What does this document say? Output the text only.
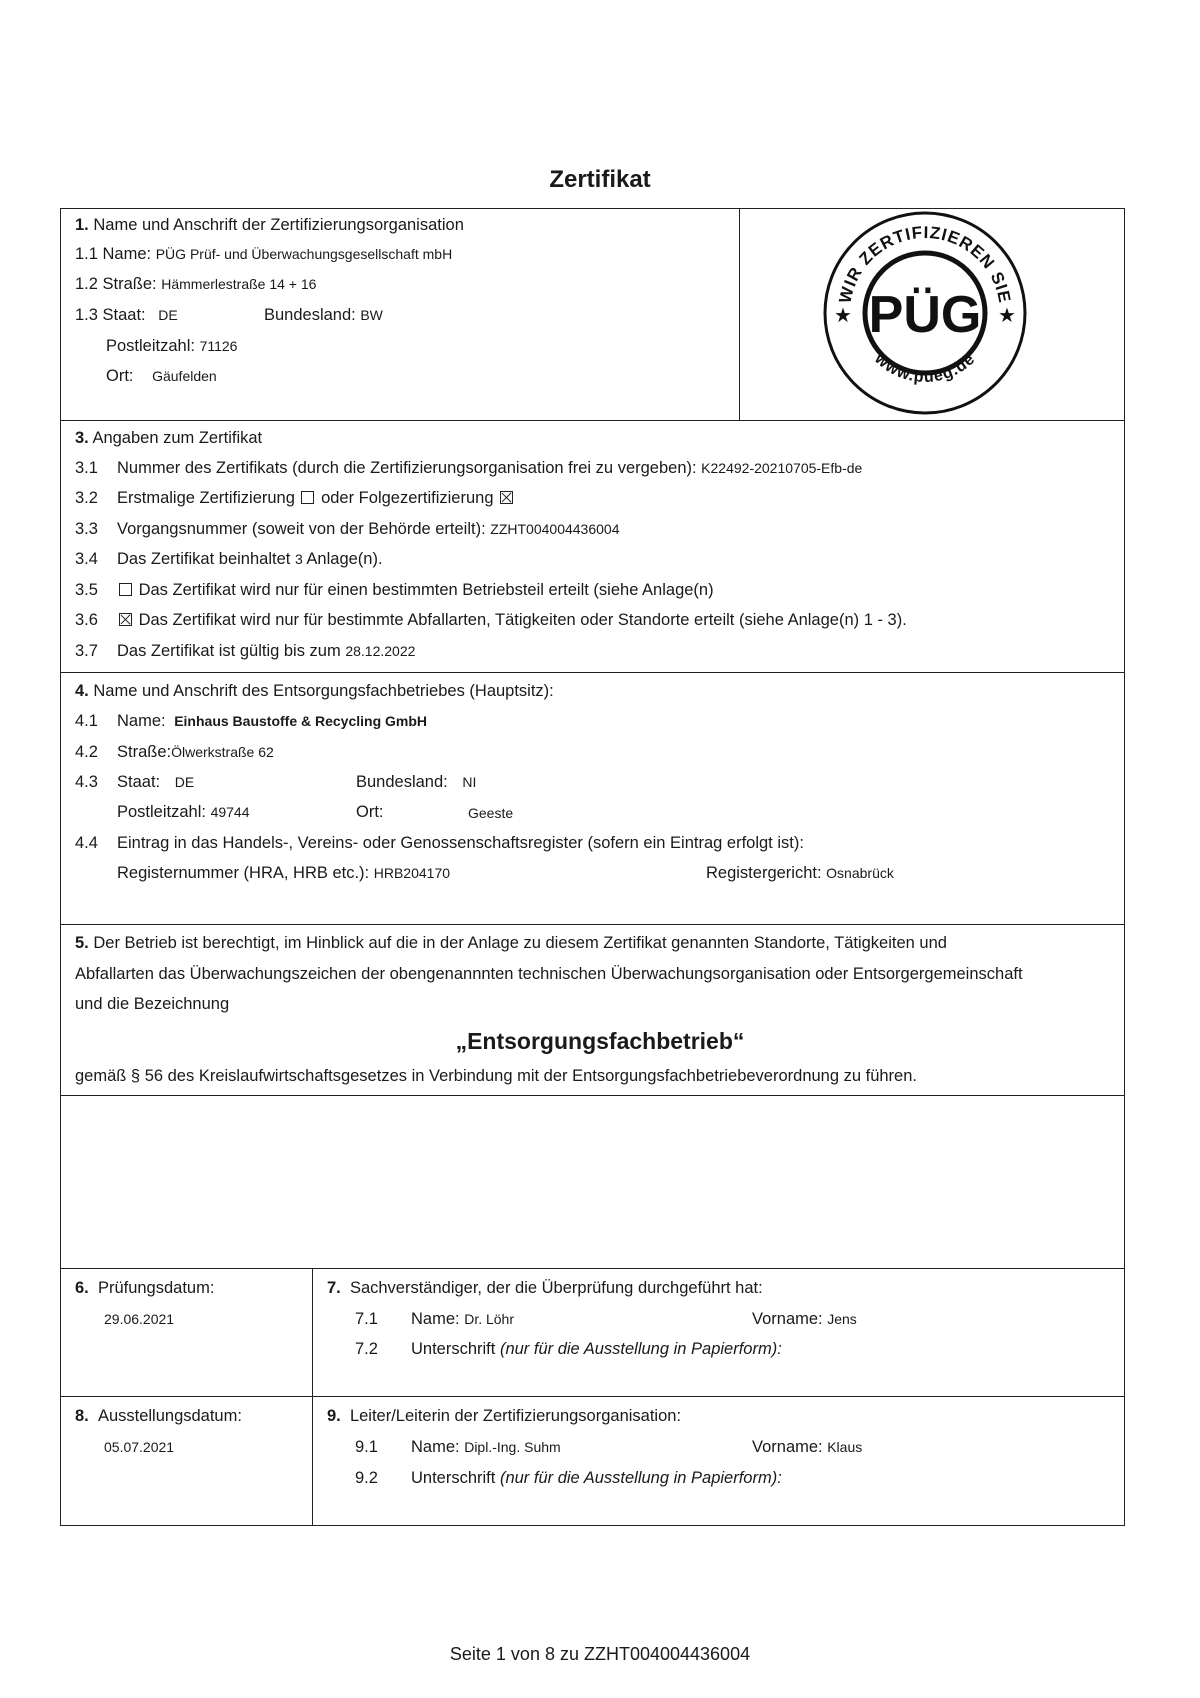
Zertifikat
1. Name und Anschrift der Zertifizierungsorganisation
1.1 Name: PÜG Prüf- und Überwachungsgesellschaft mbH
1.2 Straße: Hämmerlestraße 14 + 16
1.3 Staat: DE	Bundesland: BW
Postleitzahl: 71126
Ort: Gäufelden
WIR ZERTIFIZIEREN SIE
PÜG
www.pueg.de
★	★
3. Angaben zum Zertifikat
3.1 Nummer des Zertifikats (durch die Zertifizierungsorganisation frei zu vergeben): K22492-20210705-Efb-de
3.2 Erstmalige Zertifizierung oder Folgezertifizierung
3.3 Vorgangsnummer (soweit von der Behörde erteilt): ZZHT004004436004
3.4 Das Zertifikat beinhaltet 3 Anlage(n).
3.5	Das Zertifikat wird nur für einen bestimmten Betriebsteil erteilt (siehe Anlage(n)
3.6	Das Zertifikat wird nur für bestimmte Abfallarten, Tätigkeiten oder Standorte erteilt (siehe Anlage(n) 1 - 3).
3.7 Das Zertifikat ist gültig bis zum 28.12.2022
4. Name und Anschrift des Entsorgungsfachbetriebes (Hauptsitz):
4.1 Name: Einhaus Baustoffe & Recycling GmbH
4.2 Straße:Ölwerkstraße 62
4.3 Staat: DE	Bundesland: NI
Postleitzahl: 49744	Ort:	Geeste
4.4 Eintrag in das Handels-, Vereins- oder Genossenschaftsregister (sofern ein Eintrag erfolgt ist):
Registernummer (HRA, HRB etc.): HRB204170	Registergericht: Osnabrück
5. Der Betrieb ist berechtigt, im Hinblick auf die in der Anlage zu diesem Zertifikat genannten Standorte, Tätigkeiten und
Abfallarten das Überwachungszeichen der obengenannnten technischen Überwachungsorganisation oder Entsorgergemeinschaft
und die Bezeichnung
„Entsorgungsfachbetrieb“
gemäß § 56 des Kreislaufwirtschaftsgesetzes in Verbindung mit der Entsorgungsfachbetriebeverordnung zu führen.
6. Prüfungsdatum:
29.06.2021
7. Sachverständiger, der die Überprüfung durchgeführt hat:
7.1 Name: Dr. Löhr	Vorname: Jens
7.2 Unterschrift (nur für die Ausstellung in Papierform):
8. Ausstellungsdatum:
05.07.2021
9. Leiter/Leiterin der Zertifizierungsorganisation:
9.1 Name: Dipl.-Ing. Suhm	Vorname: Klaus
9.2 Unterschrift (nur für die Ausstellung in Papierform):
Seite 1 von 8 zu ZZHT004004436004
